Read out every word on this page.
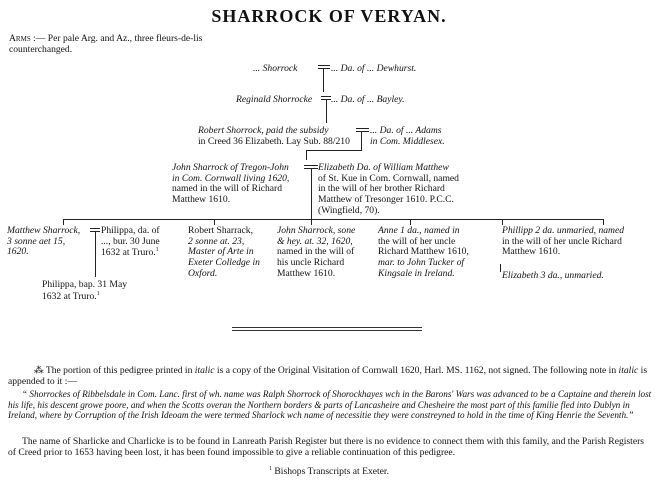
SHARROCK OF VERYAN.
Arms :— Per pale Arg. and Az., three fleurs-de-lis counterchanged.
... Shorrock	... Da. of ... Dewhurst.
Reginald Shorrocke ... Da. of ... Bayley.
Robert Shorrock, paid the subsidy
in Creed 36 Elizabeth. Lay Sub. 88/210
... Da. of ... Adams
in Com. Middlesex.
John Sharrock of Tregon-John
in Com. Cornwall living 1620,
named in the will of Richard
Matthew 1610.
Elizabeth Da. of William Matthew
of St. Kue in Com. Cornwall, named
in the will of her brother Richard
Matthew of Tresonger 1610. P.C.C.
(Wingfield, 70).
Matthew Sharrock,
3 sonne aet 15,
1620.
Philippa, da. of
..., bur. 30 June
1632 at Truro.$^1$
Philippa, bap. 31 May
1632 at Truro.$^1$
Robert Sharrack,
2 sonne at. 23,
Master of Arte in
Exeter Colledge in
Oxford.
John Sharrock, sone
& hey. at. 32, 1620,
named in the will of
his uncle Richard
Matthew 1610.
Anne 1 da., named in
the will of her uncle
Richard Matthew 1610,
mar. to John Tucker of
Kingsale in Ireland.
Phillipp 2 da. unmaried, named
in the will of her uncle Richard
Matthew 1610.
Elizabeth 3 da., unmaried.
⁂ The portion of this pedigree printed in italic is a copy of the Original Visitation of Cornwall 1620, Harl. MS. 1162, not signed. The following note in italic is appended to it :—
“ Shorrockes of Ribbelsdale in Com. Lanc. first of wh. name was Ralph Shorrock of Shorockhayes wch in the Barons' Wars was advanced to be a Captaine and therein lost his life, his descent growe poore, and when the Scotts overan the Northern borders & parts of Lancasheire and Chesheire the most part of this familie fled into Dublyn in Ireland, where by Corruption of the Irish Ideoam the were termed Sharlock wch name of necessitie they were constreyned to hold in the time of King Henrie the Seventh.”
The name of Sharlicke and Charlicke is to be found in Lanreath Parish Register but there is no evidence to connect them with this family, and the Parish Registers of Creed prior to 1653 having been lost, it has been found impossible to give a reliable continuation of this pedigree.
$^1$ Bishops Transcripts at Exeter.
